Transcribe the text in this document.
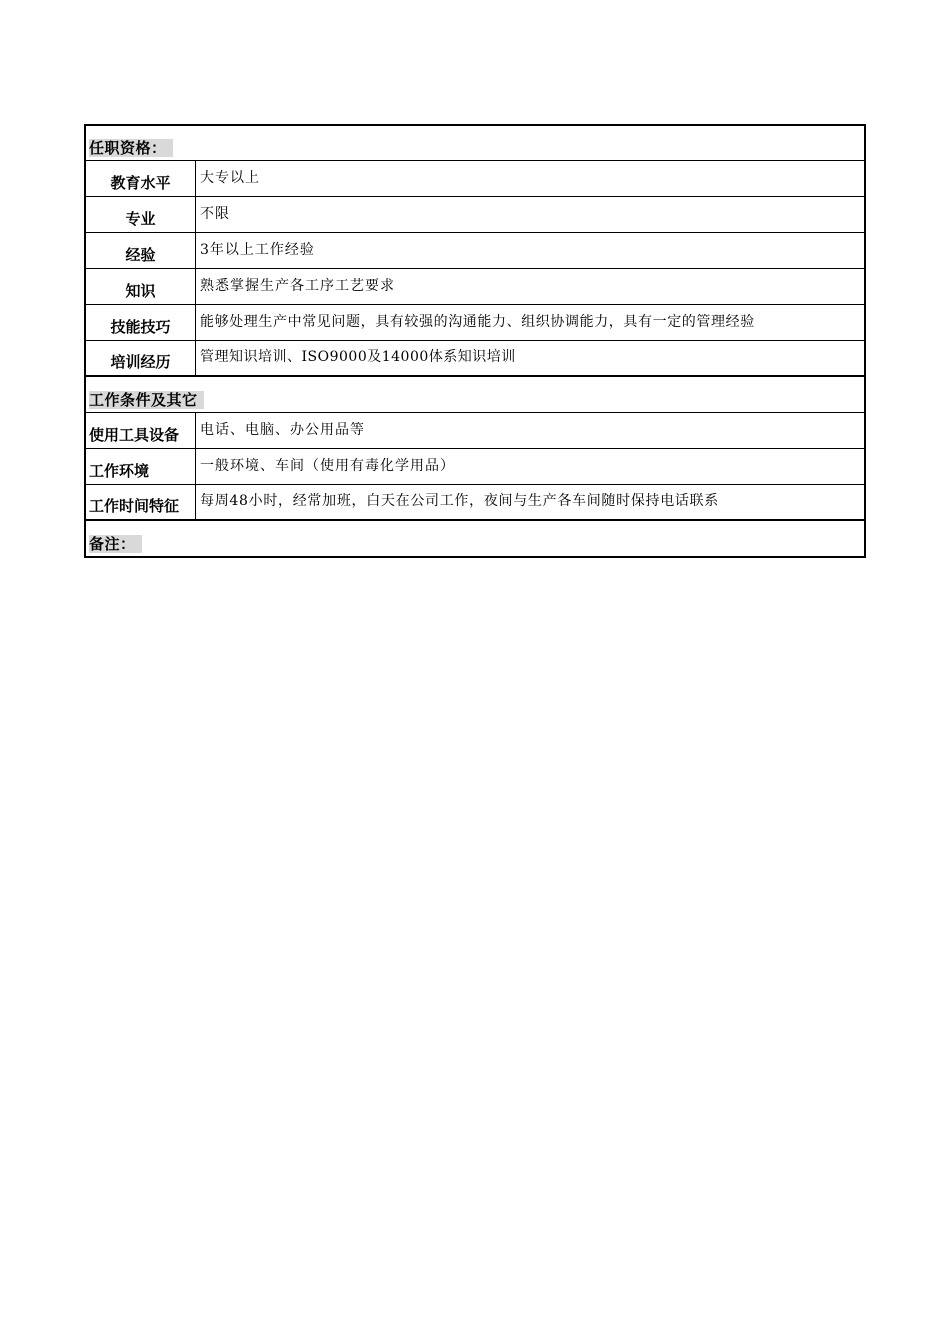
任职资格：
教育水平	大专以上
专业	不限
经验	3年以上工作经验
知识	熟悉掌握生产各工序工艺要求
技能技巧	能够处理生产中常见问题，具有较强的沟通能力、组织协调能力，具有一定的管理经验
培训经历	管理知识培训、ISO9000及14000体系知识培训
工作条件及其它
使用工具设备	电话、电脑、办公用品等
工作环境	一般环境、车间（使用有毒化学用品）
工作时间特征	每周48小时，经常加班，白天在公司工作，夜间与生产各车间随时保持电话联系
备注：
